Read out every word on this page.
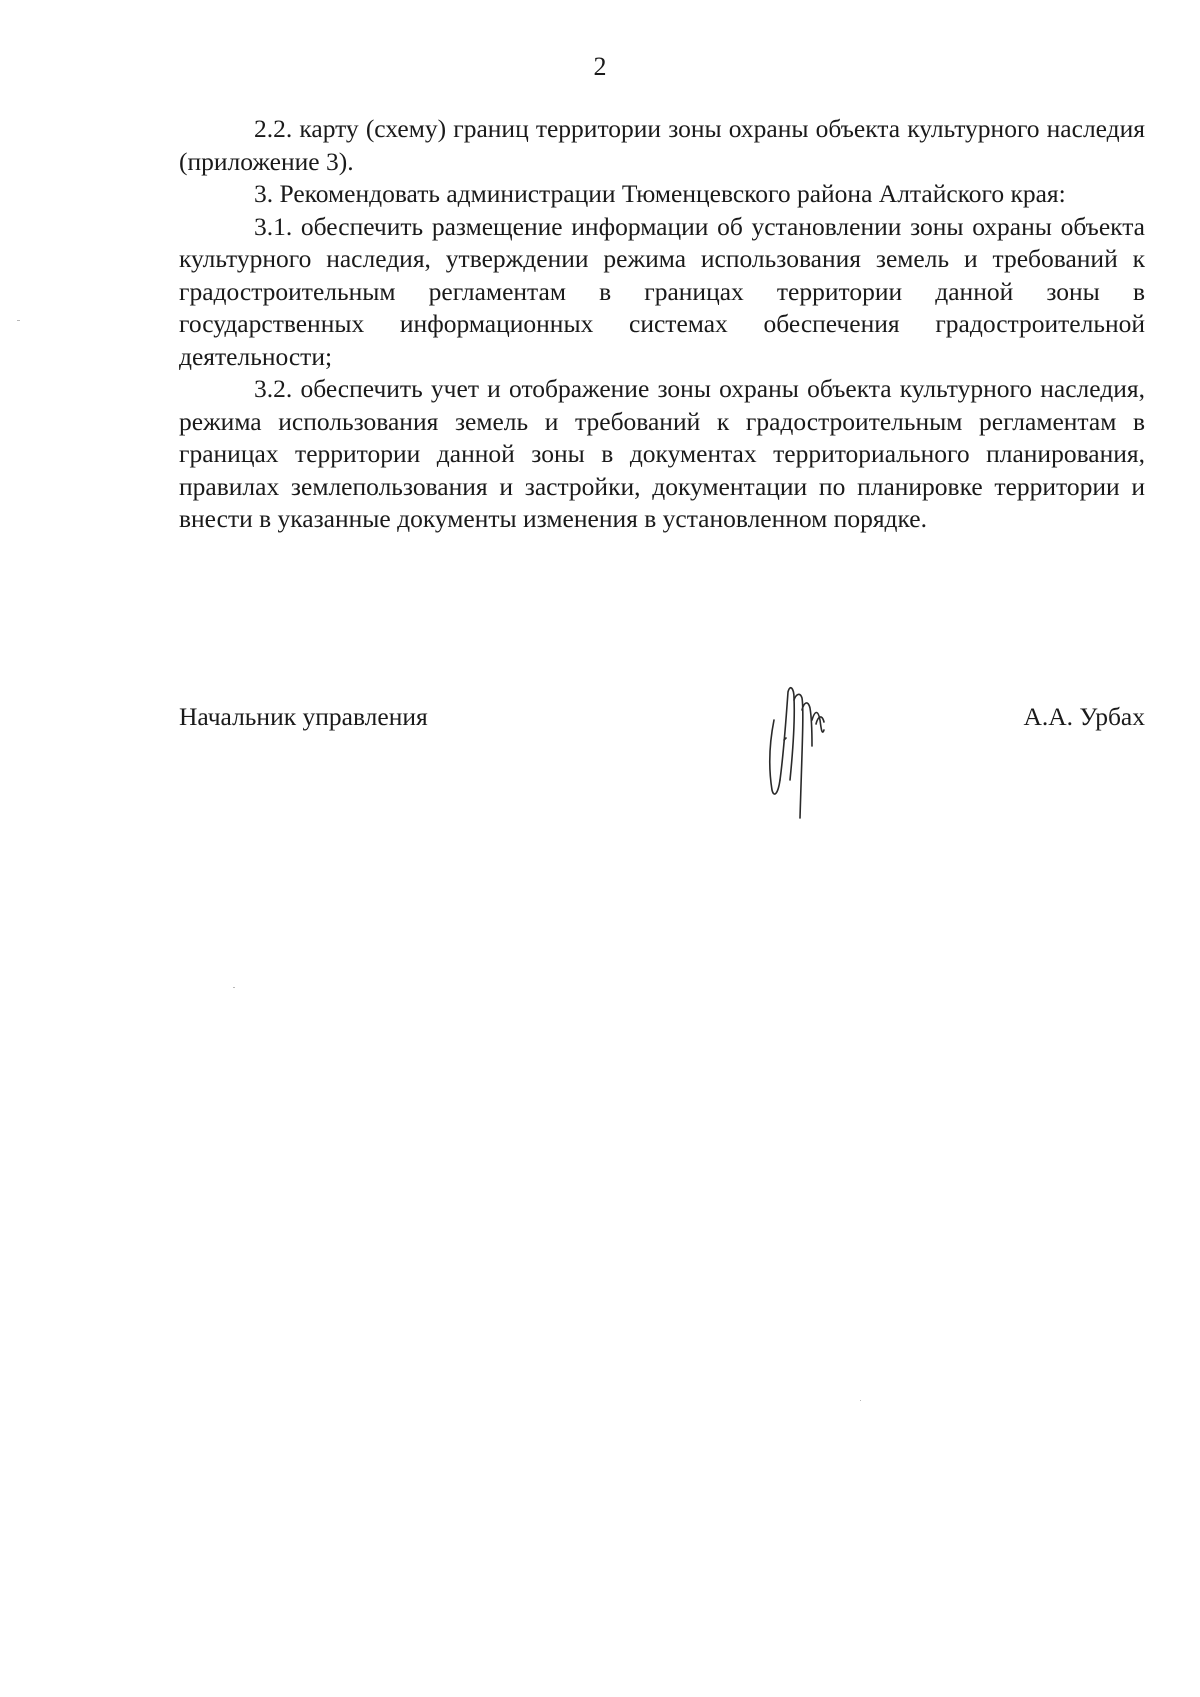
2

2.2. карту (схему) границ территории зоны охраны объекта культурного наследия (приложение 3).

3. Рекомендовать администрации Тюменцевского района Алтайского края:

3.1. обеспечить размещение информации об установлении зоны охраны объекта культурного наследия, утверждении режима использования земель и требований к градостроительным регламентам в границах территории данной зоны в государственных информационных системах обеспечения градостроительной деятельности;

3.2. обеспечить учет и отображение зоны охраны объекта культурного наследия, режима использования земель и требований к градостроительным регламентам в границах территории данной зоны в документах территориального планирования, правилах землепользования и застройки, документации по планировке территории и внести в указанные документы изменения в установленном порядке.

Начальник управления	А.А. Урбах
